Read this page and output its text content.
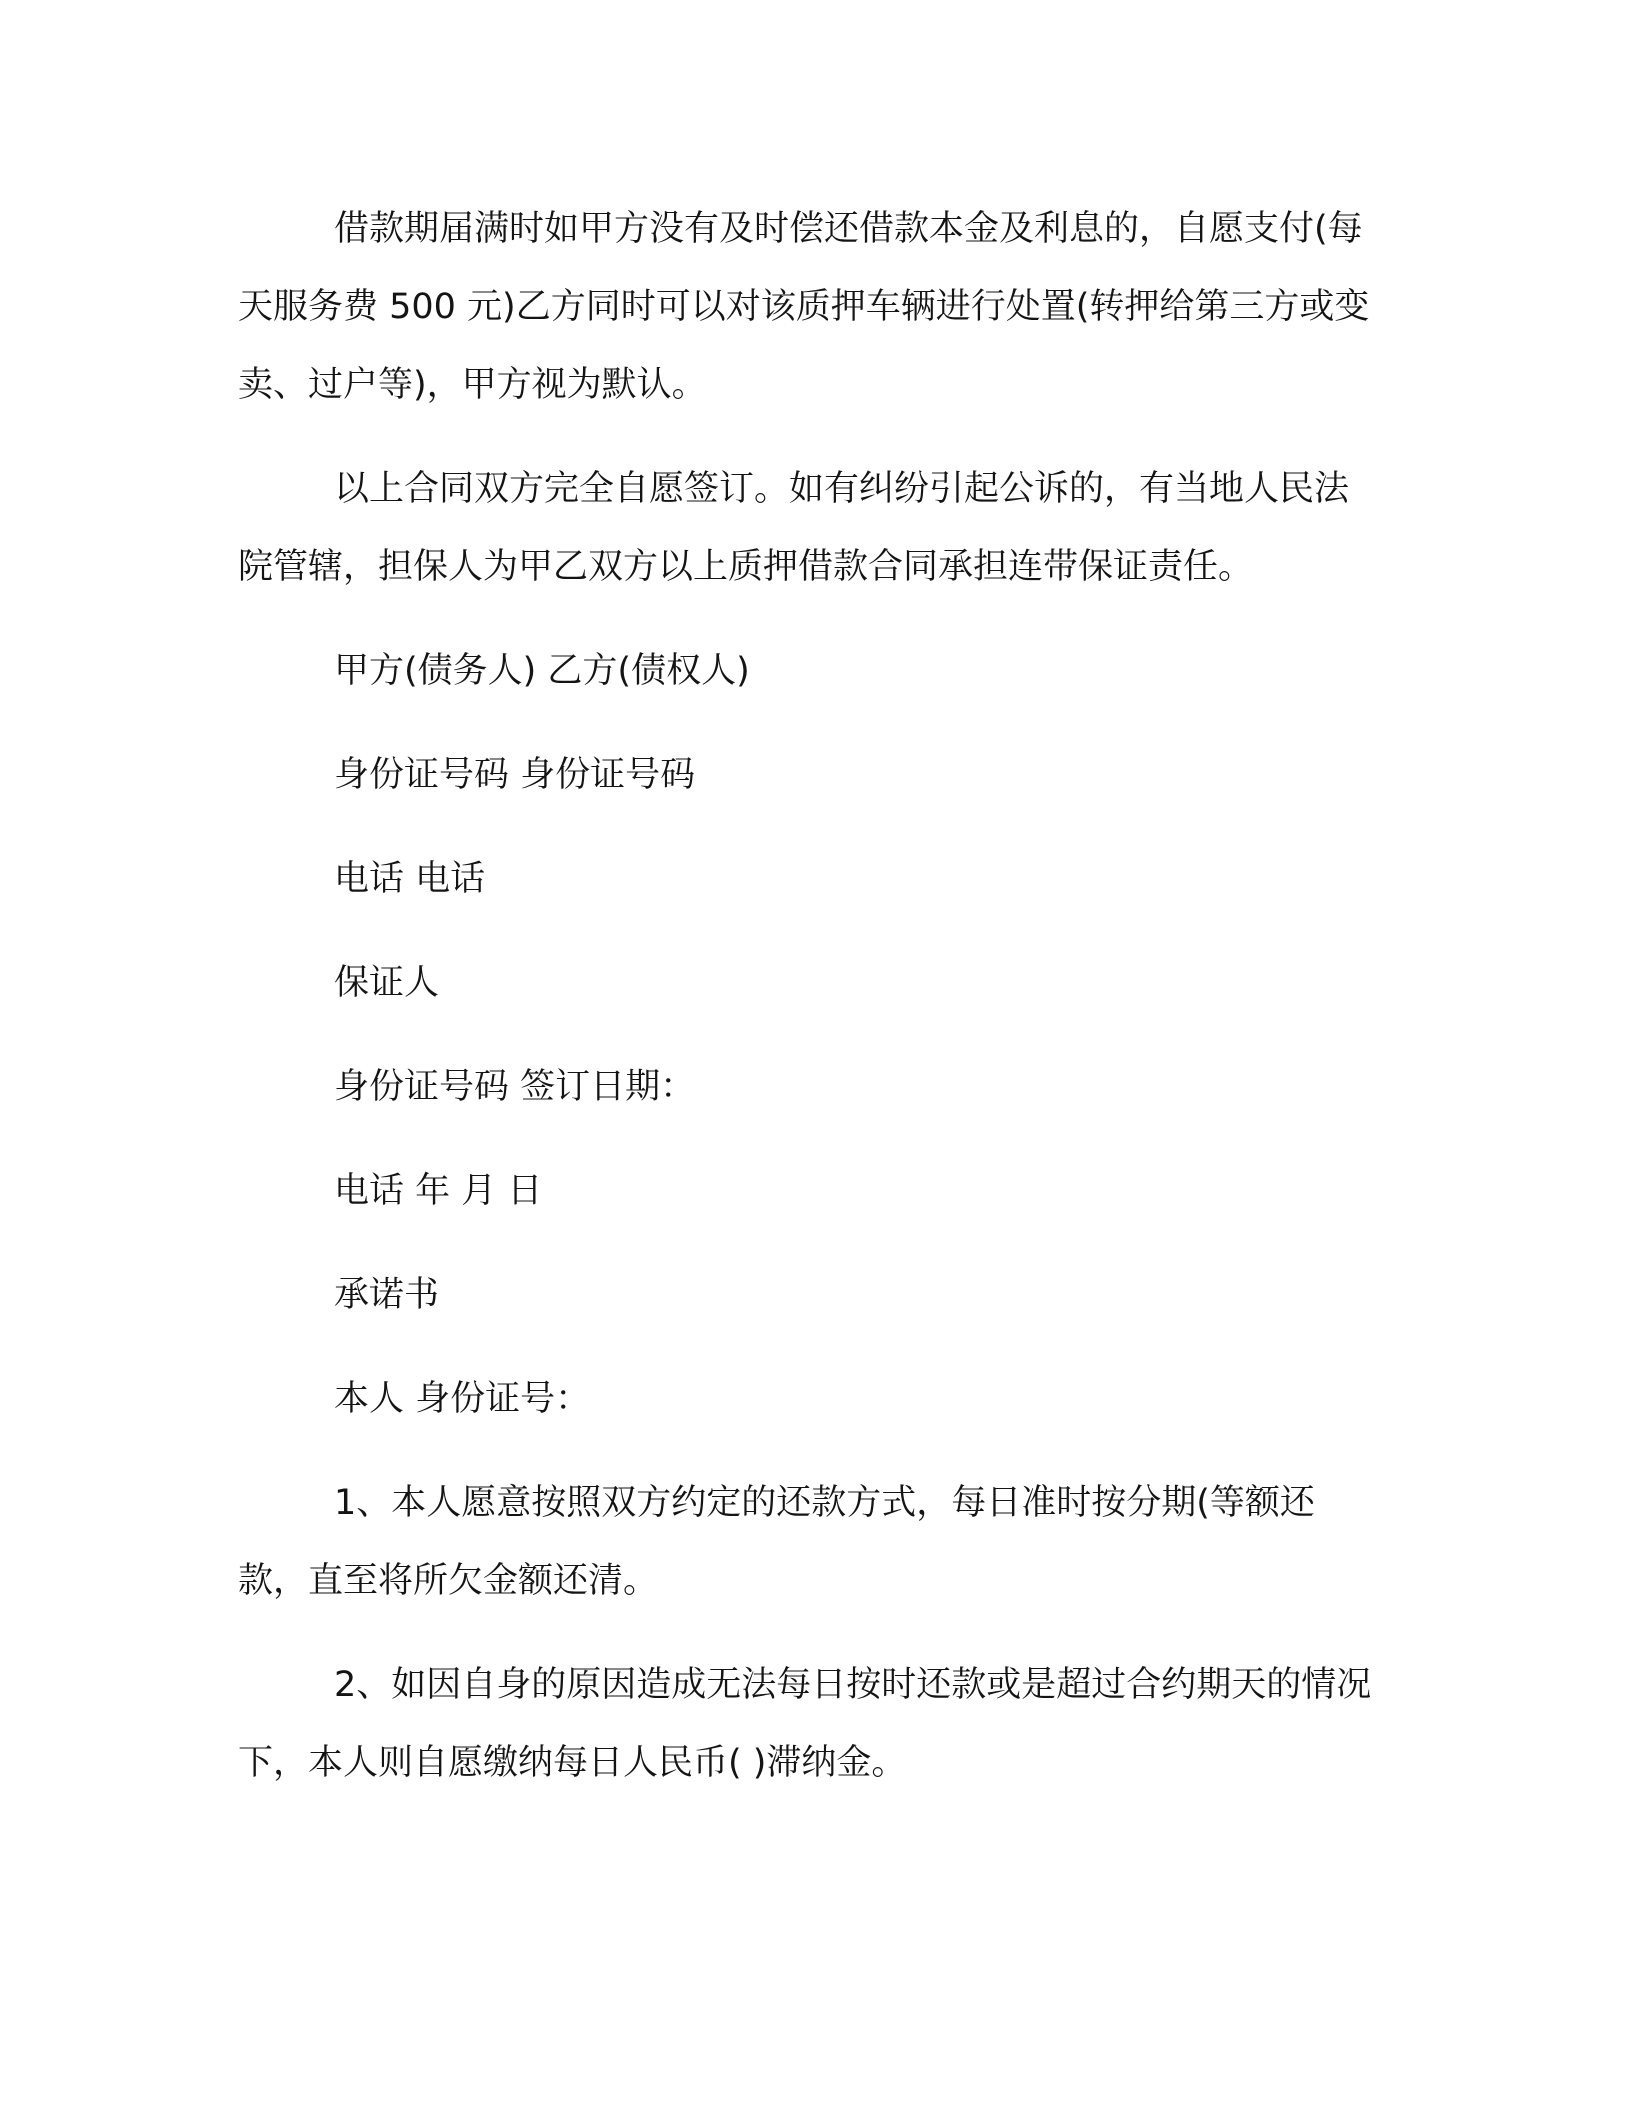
借款期届满时如甲方没有及时偿还借款本金及利息的，自愿支付(每天服务费 500 元)乙方同时可以对该质押车辆进行处置(转押给第三方或变卖、过户等)，甲方视为默认。

以上合同双方完全自愿签订。如有纠纷引起公诉的，有当地人民法院管辖，担保人为甲乙双方以上质押借款合同承担连带保证责任。

甲方(债务人) 乙方(债权人)

身份证号码 身份证号码

电话 电话

保证人

身份证号码 签订日期：

电话 年 月 日

承诺书

本人 身份证号：

1、本人愿意按照双方约定的还款方式，每日准时按分期(等额还款，直至将所欠金额还清。

2、如因自身的原因造成无法每日按时还款或是超过合约期天的情况下，本人则自愿缴纳每日人民币( )滞纳金。
